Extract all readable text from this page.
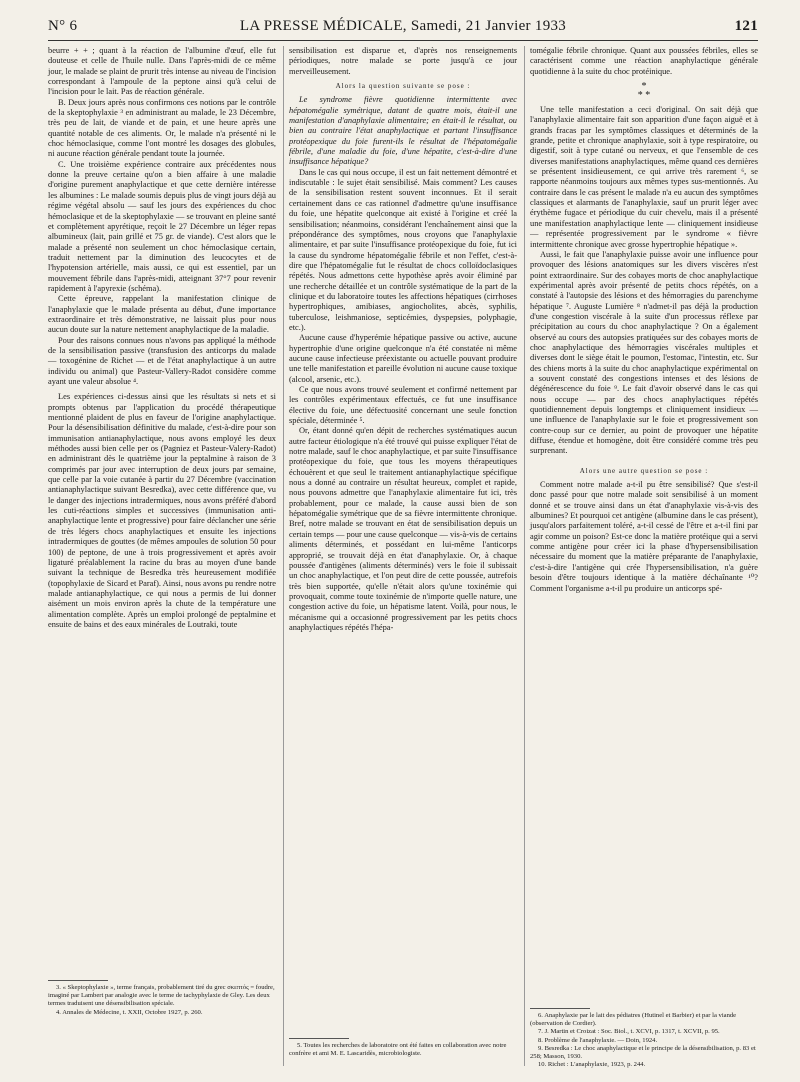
N° 6	LA PRESSE MÉDICALE, Samedi, 21 Janvier 1933	121

beurre + + ; quant à la réaction de l'albumine d'œuf, elle fut douteuse et celle de l'huile nulle. Dans l'après-midi de ce même jour, le malade se plaint de prurit très intense au niveau de l'incision correspondant à l'ampoule de la peptone ainsi qu'à celui de l'incision pour le lait. Pas de réaction générale.

B. Deux jours après nous confirmons ces notions par le contrôle de la skeptophylaxie ³ en administrant au malade, le 23 Décembre, très peu de lait, de viande et de pain, et une heure après une quantité notable de ces aliments. Or, le malade n'a présenté ni le choc hémoclasique, comme l'ont montré les dosages des globules, ni aucune réaction générale pendant toute la journée.

C. Une troisième expérience contraire aux précédentes nous donne la preuve certaine qu'on a bien affaire à une maladie d'origine purement anaphylactique et que cette dernière intéresse les albumines : Le malade soumis depuis plus de vingt jours déjà au régime végétal absolu — sauf les jours des expériences du choc hémoclasique et de la skeptophylaxie — se trouvant en pleine santé et complètement apyrétique, reçoit le 27 Décembre un léger repas albumineux (lait, pain grillé et 75 gr. de viande). C'est alors que le malade a présenté non seulement un choc hémoclasique certain, traduit nettement par la diminution des leucocytes et de l'hypotension artérielle, mais aussi, ce qui est essentiel, par un mouvement fébrile dans l'après-midi, atteignant 37°7 pour revenir rapidement à l'apyrexie (schéma).

Cette épreuve, rappelant la manifestation clinique de l'anaphylaxie que le malade présenta au début, d'une importance extraordinaire et très démonstrative, ne laissait plus pour nous aucun doute sur la nature nettement anaphylactique de la maladie.

Pour des raisons connues nous n'avons pas appliqué la méthode de la sensibilisation passive (transfusion des anticorps du malade — toxogénine de Richet — et de l'état anaphylactique à un autre individu ou animal) que Pasteur-Vallery-Radot considère comme ayant une valeur absolue ⁴.

Les expériences ci-dessus ainsi que les résultats si nets et si prompts obtenus par l'application du procédé thérapeutique mentionné plaident de plus en faveur de l'origine anaphylactique. Pour la désensibilisation définitive du malade, c'est-à-dire pour son immunisation antianaphylactique, nous avons employé les deux méthodes aussi bien celle per os (Pagniez et Pasteur-Valery-Radot) en administrant dès le quatrième jour la peptalmine à raison de 3 comprimés par jour avec interruption de deux jours par semaine, que celle par la voie cutanée à partir du 27 Décembre (vaccination antianaphylactique suivant Besredka), avec cette différence que, vu le danger des injections intradermiques, nous avons préféré d'abord les cuti-réactions simples et successives (immunisation anti-anaphylactique lente et progressive) pour faire déclancher une série de très légers chocs anaphylactiques et ensuite les injections intradermiques de gouttes (de mêmes ampoules de solution 50 pour 100) de peptone, de une à trois progressivement et après avoir ligaturé préalablement la racine du bras au moyen d'une bande suivant la technique de Besredka très heureusement modifiée (topophylaxie de Sicard et Paraf). Ainsi, nous avons pu rendre notre malade antianaphylactique, ce qui nous a permis de lui donner aisément un mois environ après la chute de la température une alimentation complète. Après un emploi prolongé de peptalmine et ensuite de bains et des eaux minérales de Loutraki, toute

3. « Skeptophylaxie », terme français, probablement tiré du grec σκεπτός = foudre, imaginé par Lambert par analogie avec le terme de tachyphylaxie de Gley. Les deux termes traduisent une désensibilisation spéciale.

4. Annales de Médecine, t. XXII, Octobre 1927, p. 260.

sensibilisation est disparue et, d'après nos renseignements périodiques, notre malade se porte jusqu'à ce jour merveilleusement.

Alors la question suivante se pose :

Le syndrome fièvre quotidienne intermittente avec hépatomégalie symétrique, datant de quatre mois, était-il une manifestation d'anaphylaxie alimentaire; en était-il le résultat, ou bien au contraire l'état anaphylactique et partant l'insuffisance protéopexique du foie furent-ils le résultat de l'hépatomégalie fébrile, d'une maladie du foie, d'une hépatite, c'est-à-dire d'une insuffisance hépatique?

Dans le cas qui nous occupe, il est un fait nettement démontré et indiscutable : le sujet était sensibilisé. Mais comment? Les causes de la sensibilisation restent souvent inconnues. Et il serait certainement dans ce cas rationnel d'admettre qu'une insuffisance du foie, une hépatite quelconque ait existé à l'origine et créé la sensibilisation; néanmoins, considérant l'enchaînement ainsi que la prépondérance des symptômes, nous croyons que l'anaphylaxie alimentaire, et par suite l'insuffisance protéopexique du foie, fut ici la cause du syndrome hépatomégalie fébrile et non l'effet, c'est-à-dire que l'hépatomégalie fut le résultat de chocs colloïdoclasiques répétés. Nous admettons cette hypothèse après avoir éliminé par une recherche détaillée et un contrôle systématique de la part de la clinique et du laboratoire toutes les affections hépatiques (cirrhoses hypertrophiques, amibiases, angiocholites, abcès, syphilis, tuberculose, leishmaniose, septicémies, dyspepsies, polyphagie, etc.).

Aucune cause d'hyperémie hépatique passive ou active, aucune hypertrophie d'une origine quelconque n'a été constatée ni même aucune cause infectieuse préexistante ou actuelle pouvant produire une telle manifestation et pareille évolution ni aucune cause toxique (alcool, arsenic, etc.).

Ce que nous avons trouvé seulement et confirmé nettement par les contrôles expérimentaux effectués, ce fut une insuffisance élective du foie, une défectuosité concernant une seule fonction spéciale, déterminée ⁵.

Or, étant donné qu'en dépit de recherches systématiques aucun autre facteur étiologique n'a été trouvé qui puisse expliquer l'état de notre malade, sauf le choc anaphylactique, et par suite l'insuffisance protéopexique du foie, que tous les moyens thérapeutiques échouèrent et que seul le traitement antianaphylactique spécifique nous a donné au contraire un résultat heureux, complet et rapide, nous pouvons admettre que l'anaphylaxie alimentaire fut ici, très probablement, pour ce malade, la cause aussi bien de son hépatomégalie symétrique que de sa fièvre intermittente chronique. Bref, notre malade se trouvant en état de sensibilisation depuis un certain temps — pour une cause quelconque — vis-à-vis de certains aliments déterminés, et possédant en lui-même l'anticorps approprié, se trouvait déjà en état d'anaphylaxie. Or, à chaque poussée d'antigènes (aliments déterminés) vers le foie il subissait un choc anaphylactique, et l'on peut dire de cette poussée, autrefois très bien supportée, qu'elle n'était alors qu'une toxinémie qui provoquait, comme toute toxinémie de n'importe quelle nature, une congestion active du foie, un hépatisme latent. Voilà, pour nous, le mécanisme qui a occasionné progressivement par les petits chocs anaphylactiques répétés l'hépa-

5. Toutes les recherches de laboratoire ont été faites en collaboration avec notre confrère et ami M. E. Lascaridès, microbiologiste.

tomégalie fébrile chronique. Quant aux poussées fébriles, elles se caractérisent comme une réaction anaphylactique générale quotidienne à la suite du choc protéinique.

*

* *

Une telle manifestation a ceci d'original. On sait déjà que l'anaphylaxie alimentaire fait son apparition d'une façon aiguë et à grands fracas par les symptômes classiques et déterminés de la grande, petite et chronique anaphylaxie, soit à type respiratoire, ou digestif, soit à type cutané ou nerveux, et que l'ensemble de ces diverses manifestations anaphylactiques, même quand ces dernières se présentent insidieusement, ce qui arrive très rarement ⁶, se rapporte néanmoins toujours aux mêmes types sus-mentionnés. Au contraire dans le cas présent le malade n'a eu aucun des symptômes classiques et alarmants de l'anaphylaxie, sauf un prurit léger avec érythème fugace et périodique du cuir chevelu, mais il a présenté une manifestation anaphylactique lente — cliniquement insidieuse — représentée progressivement par le syndrome « fièvre intermittente chronique avec grosse hypertrophie hépatique ».

Aussi, le fait que l'anaphylaxie puisse avoir une influence pour provoquer des lésions anatomiques sur les divers viscères n'est point extraordinaire. Sur des cobayes morts de choc anaphylactique expérimental après avoir présenté de petits chocs répétés, on a constaté à l'autopsie des lésions et des hémorragies du parenchyme hépatique ⁷. Auguste Lumière ⁸ n'admet-il pas déjà la production d'une congestion viscérale à la suite d'un processus réflexe par précipitation au cours du choc anaphylactique ? On a également observé au cours des autopsies pratiquées sur des cobayes morts de choc anaphylactique des hémorragies viscérales multiples et diverses dont le siège était le poumon, l'estomac, l'intestin, etc. Sur des chiens morts à la suite du choc anaphylactique expérimental on a souvent constaté des congestions intenses et des lésions de dégénérescence du foie ⁹. Le fait d'avoir observé dans le cas qui nous occupe — par des chocs anaphylactiques répétés quotidiennement depuis longtemps et cliniquement insidieux — une influence de l'anaphylaxie sur le foie et progressivement son contre-coup sur ce dernier, au point de provoquer une hépatite diffuse, étendue et homogène, doit être considéré comme très peu surprenant.

Alors une autre question se pose :

Comment notre malade a-t-il pu être sensibilisé? Que s'est-il donc passé pour que notre malade soit sensibilisé à un moment donné et se trouve ainsi dans un état d'anaphylaxie vis-à-vis des albumines? Et pourquoi cet antigène (albumine dans le cas présent), jusqu'alors parfaitement toléré, a-t-il cessé de l'être et a-t-il fini par agir comme un poison? Est-ce donc la matière protéique qui a servi comme antigène pour créer ici la phase d'hypersensibilisation nécessaire du moment que la matière préparante de l'anaphylaxie, c'est-à-dire l'antigène qui crée l'hypersensibilisation, n'a guère besoin d'être toujours identique à la matière déchaînante ¹⁰? Comment l'organisme a-t-il pu produire un anticorps spé-

6. Anaphylaxie par le lait des pédiatres (Hutinel et Barbier) et par la viande (observation de Cordier).

7. J. Martin et Croizat : Soc. Biol., t. XCVI, p. 1317, t. XCVII, p. 95.

8. Problème de l'anaphylaxie. — Doin, 1924.

9. Besredka : Le choc anaphylactique et le principe de la désensibilisation, p. 83 et 258; Masson, 1930.

10. Richet : L'anaphylaxie, 1923, p. 244.
